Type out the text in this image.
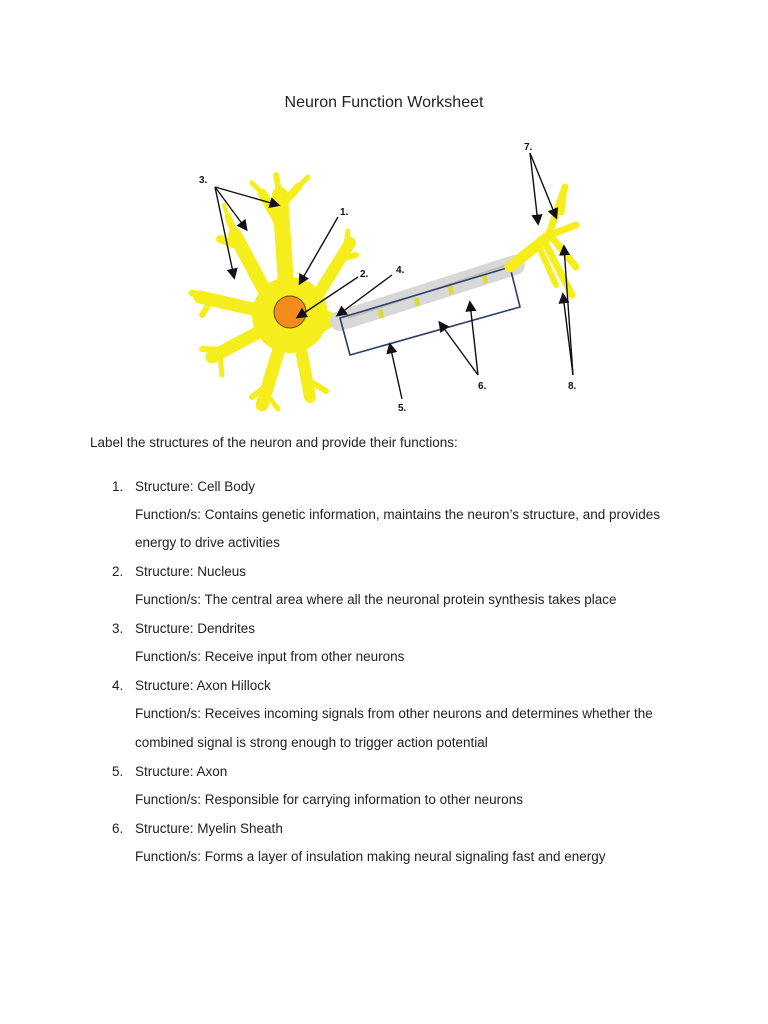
Neuron Function Worksheet
1.
2.
3.
4.
5.
6.
7.
8.
Label the structures of the neuron and provide their functions:
1. Structure: Cell Body
Function/s: Contains genetic information, maintains the neuron’s structure, and provides energy to drive activities
2. Structure: Nucleus
Function/s: The central area where all the neuronal protein synthesis takes place
3. Structure: Dendrites
Function/s: Receive input from other neurons
4. Structure: Axon Hillock
Function/s: Receives incoming signals from other neurons and determines whether the combined signal is strong enough to trigger action potential
5. Structure: Axon
Function/s: Responsible for carrying information to other neurons
6. Structure: Myelin Sheath
Function/s: Forms a layer of insulation making neural signaling fast and energy
